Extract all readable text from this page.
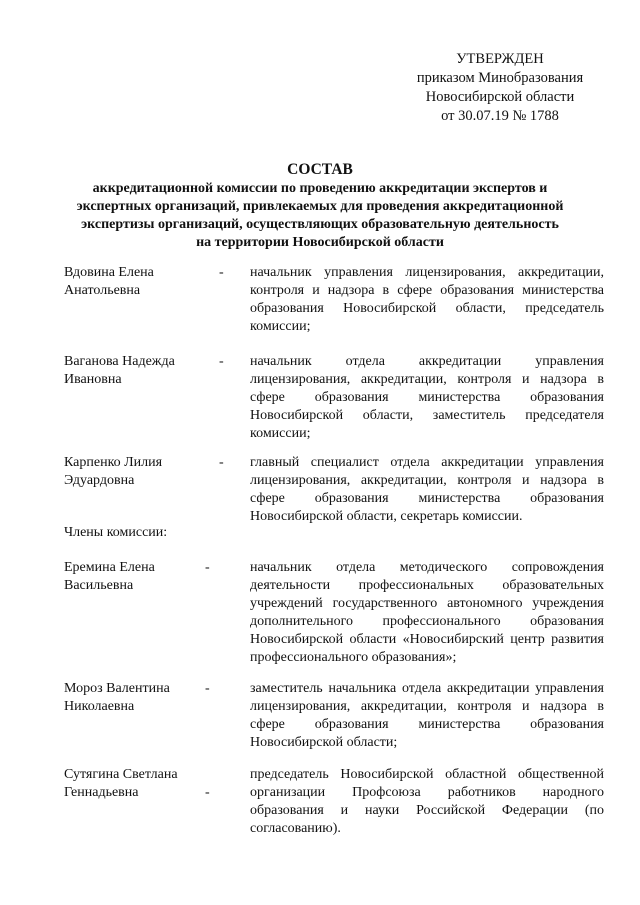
УТВЕРЖДЕН
приказом Минобразования
Новосибирской области
от 30.07.19 № 1788
СОСТАВ
аккредитационной комиссии по проведению аккредитации экспертов и
экспертных организаций, привлекаемых для проведения аккредитационной
экспертизы организаций, осуществляющих образовательную деятельность
на территории Новосибирской области
Вдовина Елена
Анатольевна
- начальник управления лицензирования, аккредитации, контроля и надзора в сфере образования министерства образования Новосибирской области, председатель комиссии;
Ваганова Надежда
Ивановна
- начальник отдела аккредитации управления лицензирования, аккредитации, контроля и надзора в сфере образования министерства образования Новосибирской области, заместитель председателя комиссии;
Карпенко Лилия
Эдуардовна
- главный специалист отдела аккредитации управления лицензирования, аккредитации, контроля и надзора в сфере образования министерства образования Новосибирской области, секретарь комиссии.
Члены комиссии:
Еремина Елена
Васильевна
-	начальник отдела методического сопровождения деятельности профессиональных образовательных учреждений государственного автономного учреждения дополнительного профессионального образования Новосибирской области «Новосибирский центр развития профессионального образования»;
Мороз Валентина
Николаевна
-	заместитель начальника отдела аккредитации управления лицензирования, аккредитации, контроля и надзора в сфере образования министерства образования Новосибирской области;
Сутягина Светлана
Геннадьевна	-
председатель Новосибирской областной общественной организации Профсоюза работников народного образования и науки Российской Федерации (по согласованию).
